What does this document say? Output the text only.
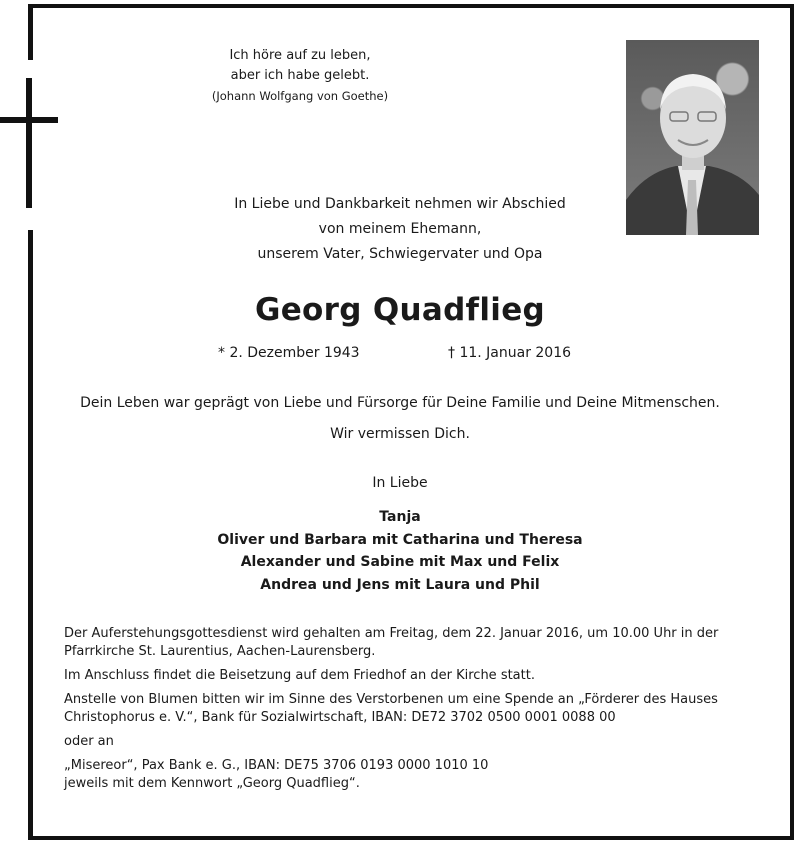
Ich höre auf zu leben,
aber ich habe gelebt.
(Johann Wolfgang von Goethe)
In Liebe und Dankbarkeit nehmen wir Abschied
von meinem Ehemann,
unserem Vater, Schwiegervater und Opa
Georg Quadflieg
* 2. Dezember 1943	† 11. Januar 2016
Dein Leben war geprägt von Liebe und Fürsorge für Deine Familie und Deine Mitmenschen.
Wir vermissen Dich.
In Liebe
Tanja
Oliver und Barbara mit Catharina und Theresa
Alexander und Sabine mit Max und Felix
Andrea und Jens mit Laura und Phil

Der Auferstehungsgottesdienst wird gehalten am Freitag, dem 22. Januar 2016, um 10.00 Uhr in der Pfarrkirche St. Laurentius, Aachen-Laurensberg.

Im Anschluss findet die Beisetzung auf dem Friedhof an der Kirche statt.

Anstelle von Blumen bitten wir im Sinne des Verstorbenen um eine Spende an „Förderer des Hauses Christophorus e. V.“, Bank für Sozialwirtschaft, IBAN: DE72 3702 0500 0001 0088 00

oder an

„Misereor“, Pax Bank e. G., IBAN: DE75 3706 0193 0000 1010 10

jeweils mit dem Kennwort „Georg Quadflieg“.
